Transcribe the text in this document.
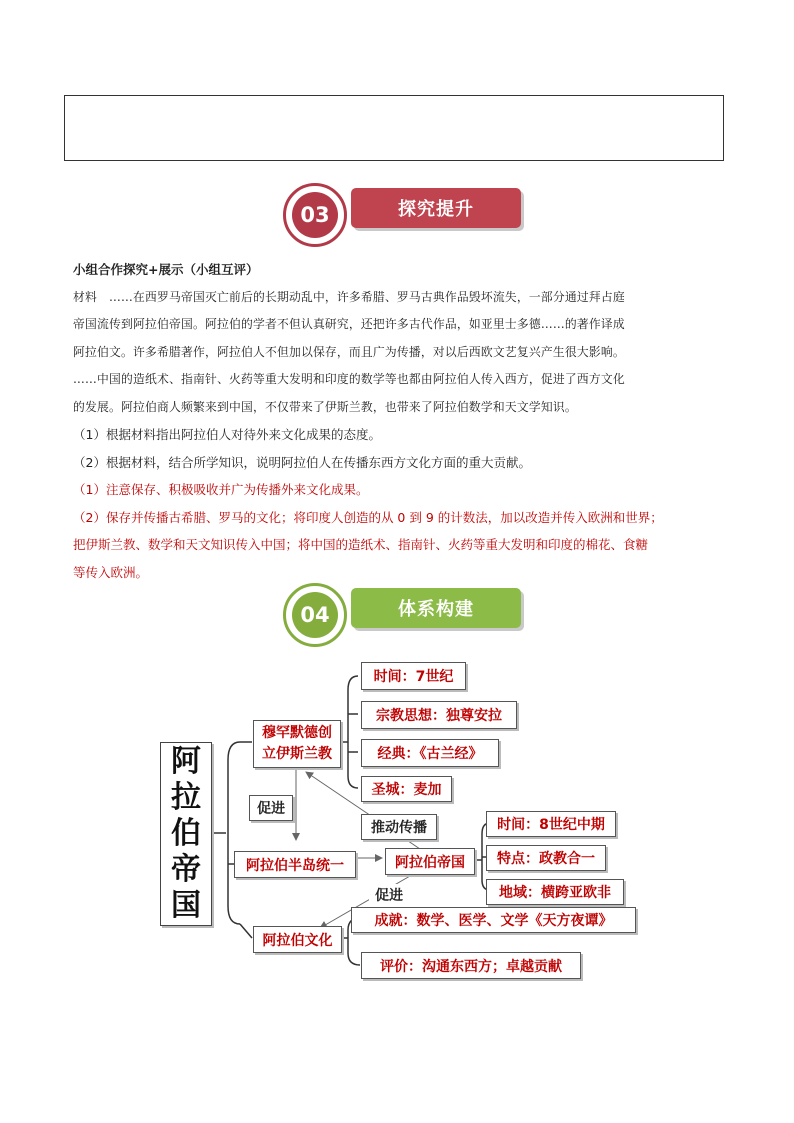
03	探究提升

小组合作探究+展示（小组互评）

材料　……在西罗马帝国灭亡前后的长期动乱中，许多希腊、罗马古典作品毁坏流失，一部分通过拜占庭

帝国流传到阿拉伯帝国。阿拉伯的学者不但认真研究，还把许多古代作品，如亚里士多德……的著作译成

阿拉伯文。许多希腊著作，阿拉伯人不但加以保存，而且广为传播，对以后西欧文艺复兴产生很大影响。

……中国的造纸术、指南针、火药等重大发明和印度的数学等也都由阿拉伯人传入西方，促进了西方文化

的发展。阿拉伯商人频繁来到中国，不仅带来了伊斯兰教，也带来了阿拉伯数学和天文学知识。

（1）根据材料指出阿拉伯人对待外来文化成果的态度。

（2）根据材料，结合所学知识，说明阿拉伯人在传播东西方文化方面的重大贡献。

（1）注意保存、积极吸收并广为传播外来文化成果。

（2）保存并传播古希腊、罗马的文化；将印度人创造的从 0 到 9 的计数法，加以改造并传入欧洲和世界；

把伊斯兰教、数学和天文知识传入中国；将中国的造纸术、指南针、火药等重大发明和印度的棉花、食糖

等传入欧洲。

04	体系构建
阿
拉
伯
帝
国
穆罕默德创
立伊斯兰教
时间：7世纪
宗教思想：独尊安拉
经典：《古兰经》
圣城：麦加
促进
阿拉伯半岛统一	阿拉伯帝国
推动传播	时间：8世纪中期
特点：政教合一
地域：横跨亚欧非
促进
阿拉伯文化
成就：数学、医学、文学《天方夜谭》
评价：沟通东西方；卓越贡献
